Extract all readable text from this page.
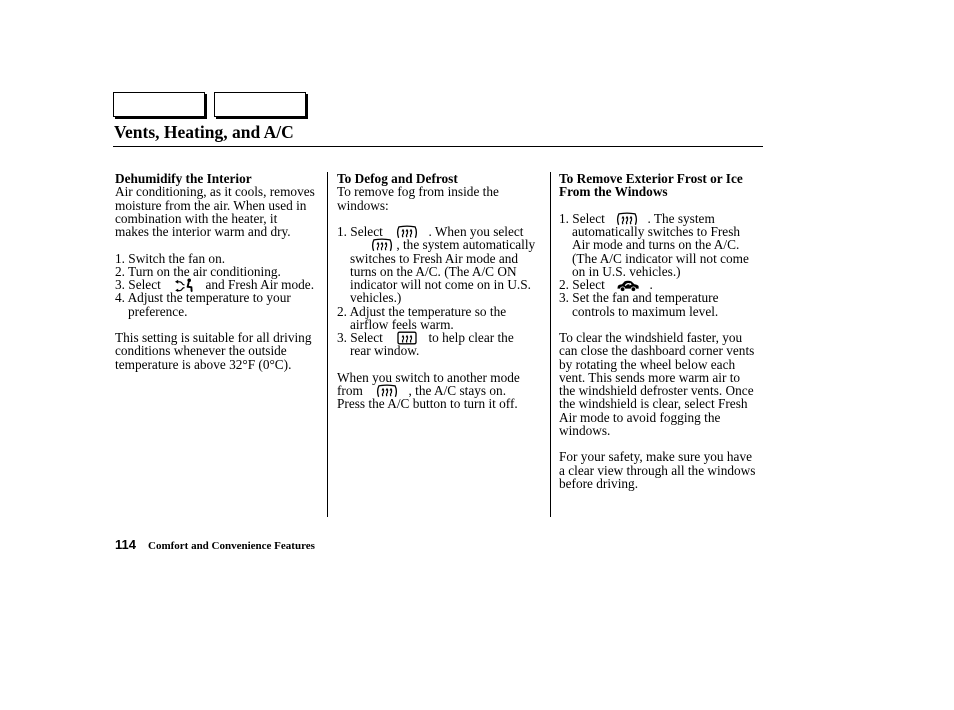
Vents, Heating, and A/C
Dehumidify the Interior
Air conditioning, as it cools, removes
moisture from the air. When used in
combination with the heater, it
makes the interior warm and dry.
1. Switch the fan on.
2. Turn on the air conditioning.
3. Select	and Fresh Air mode.
4. Adjust the temperature to your
preference.
This setting is suitable for all driving
conditions whenever the outside
temperature is above 32°F (0°C).
To Defog and Defrost
To remove fog from inside the
windows:
1. Select	. When you select
, the system automatically
switches to Fresh Air mode and
turns on the A/C. (The A/C ON
indicator will not come on in U.S.
vehicles.)
2. Adjust the temperature so the
airflow feels warm.
3. Select	to help clear the
rear window.
When you switch to another mode
from	, the A/C stays on.
Press the A/C button to turn it off.
To Remove Exterior Frost or Ice
From the Windows
1. Select	. The system
automatically switches to Fresh
Air mode and turns on the A/C.
(The A/C indicator will not come
on in U.S. vehicles.)
2. Select	.
3. Set the fan and temperature
controls to maximum level.
To clear the windshield faster, you
can close the dashboard corner vents
by rotating the wheel below each
vent. This sends more warm air to
the windshield defroster vents. Once
the windshield is clear, select Fresh
Air mode to avoid fogging the
windows.
For your safety, make sure you have
a clear view through all the windows
before driving.
114 Comfort and Convenience Features
